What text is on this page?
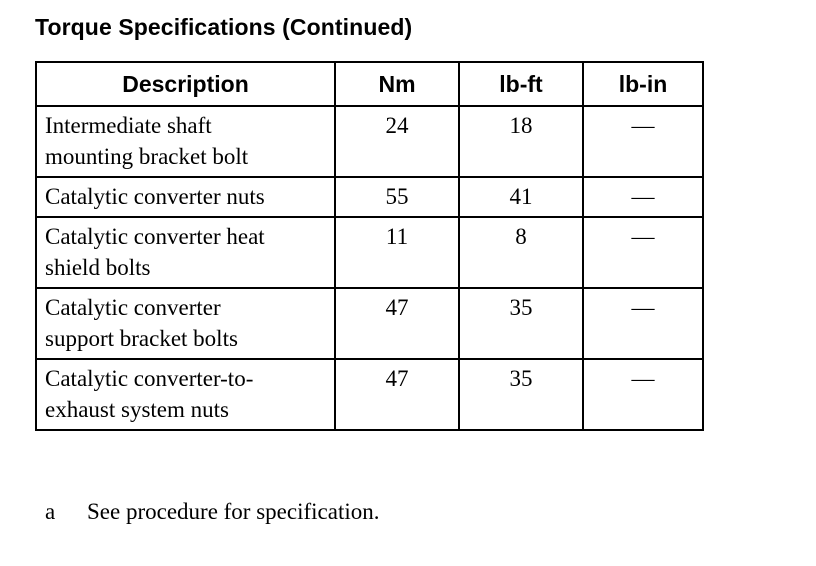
Torque Specifications (Continued)
Description	Nm	lb-ft	lb-in

Intermediate shaft mounting bracket bolt	24	18	—

Catalytic converter nuts	55	41	—

Catalytic converter heat shield bolts	11	8	—

Catalytic converter support bracket bolts	47	35	—

Catalytic converter-to-exhaust system nuts	47	35	—
a See procedure for specification.
